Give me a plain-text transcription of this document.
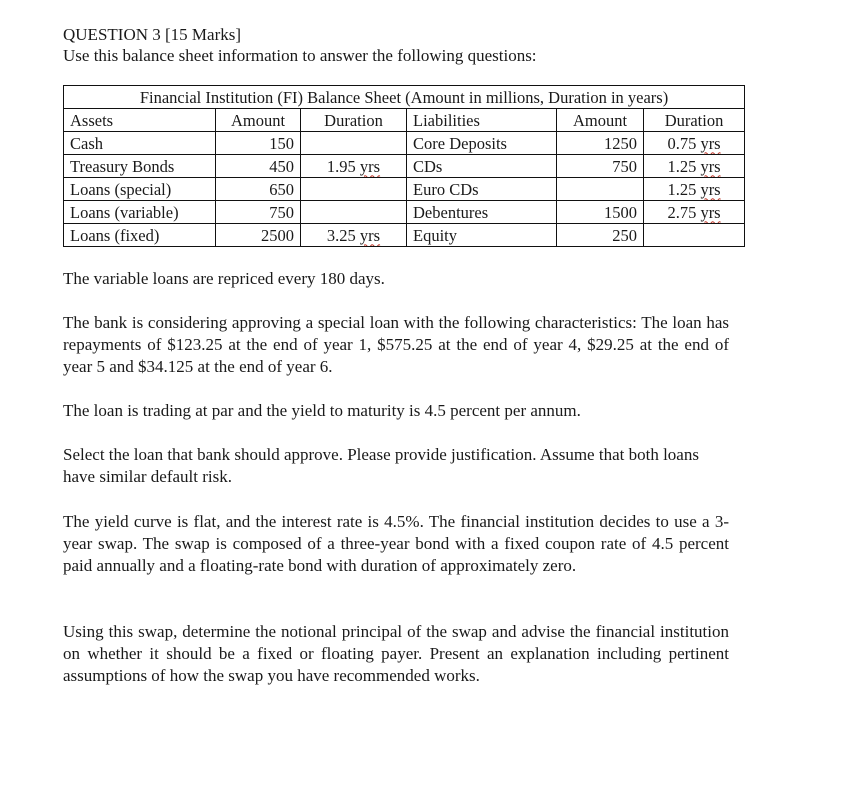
QUESTION 3 [15 Marks]
Use this balance sheet information to answer the following questions:
Financial Institution (FI) Balance Sheet (Amount in millions, Duration in years)					
Assets	Amount	Duration	Liabilities	Amount	Duration
Cash	150		Core Deposits	1250	0.75 yrs
Treasury Bonds	450	1.95 yrs	CDs	750	1.25 yrs
Loans (special)	650		Euro CDs		1.25 yrs
Loans (variable)	750		Debentures	1500	2.75 yrs
Loans (fixed)	2500	3.25 yrs	Equity	250	

The variable loans are repriced every 180 days.

The bank is considering approving a special loan with the following characteristics: The loan has repayments of $123.25 at the end of year 1, $575.25 at the end of year 4, $29.25 at the end of year 5 and $34.125 at the end of year 6.

The loan is trading at par and the yield to maturity is 4.5 percent per annum.

Select the loan that bank should approve. Please provide justification. Assume that both loans have similar default risk.

The yield curve is flat, and the interest rate is 4.5%. The financial institution decides to use a 3-year swap. The swap is composed of a three-year bond with a fixed coupon rate of 4.5 percent paid annually and a floating-rate bond with duration of approximately zero.

Using this swap, determine the notional principal of the swap and advise the financial institution on whether it should be a fixed or floating payer. Present an explanation including pertinent assumptions of how the swap you have recommended works.
